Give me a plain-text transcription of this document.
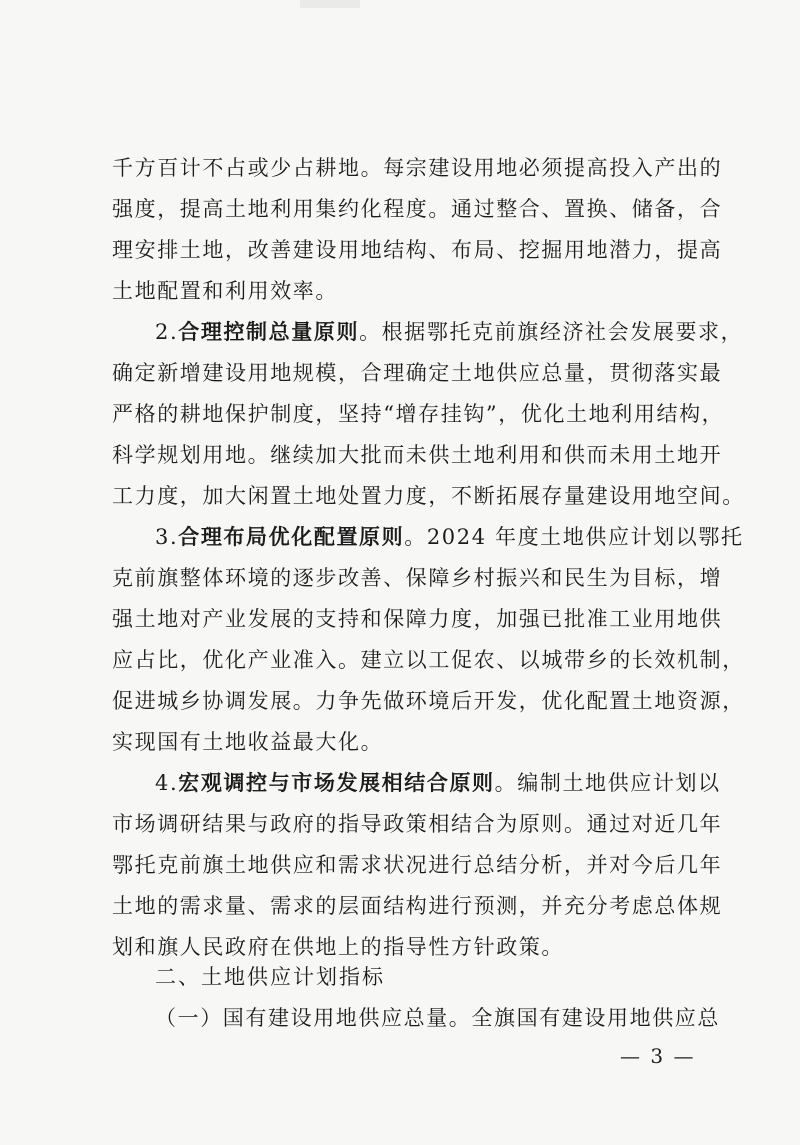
千方百计不占或少占耕地。每宗建设用地必须提高投入产出的
强度，提高土地利用集约化程度。通过整合、置换、储备，合
理安排土地，改善建设用地结构、布局、挖掘用地潜力，提高
土地配置和利用效率。
2.合理控制总量原则。根据鄂托克前旗经济社会发展要求，
确定新增建设用地规模，合理确定土地供应总量，贯彻落实最
严格的耕地保护制度，坚持“增存挂钩”，优化土地利用结构，
科学规划用地。继续加大批而未供土地利用和供而未用土地开
工力度，加大闲置土地处置力度，不断拓展存量建设用地空间。
3.合理布局优化配置原则。2024 年度土地供应计划以鄂托
克前旗整体环境的逐步改善、保障乡村振兴和民生为目标，增
强土地对产业发展的支持和保障力度，加强已批准工业用地供
应占比，优化产业准入。建立以工促农、以城带乡的长效机制，
促进城乡协调发展。力争先做环境后开发，优化配置土地资源，
实现国有土地收益最大化。
4.宏观调控与市场发展相结合原则。编制土地供应计划以
市场调研结果与政府的指导政策相结合为原则。通过对近几年
鄂托克前旗土地供应和需求状况进行总结分析，并对今后几年
土地的需求量、需求的层面结构进行预测，并充分考虑总体规
划和旗人民政府在供地上的指导性方针政策。
二、土地供应计划指标
（一）国有建设用地供应总量。全旗国有建设用地供应总
— 3 —
